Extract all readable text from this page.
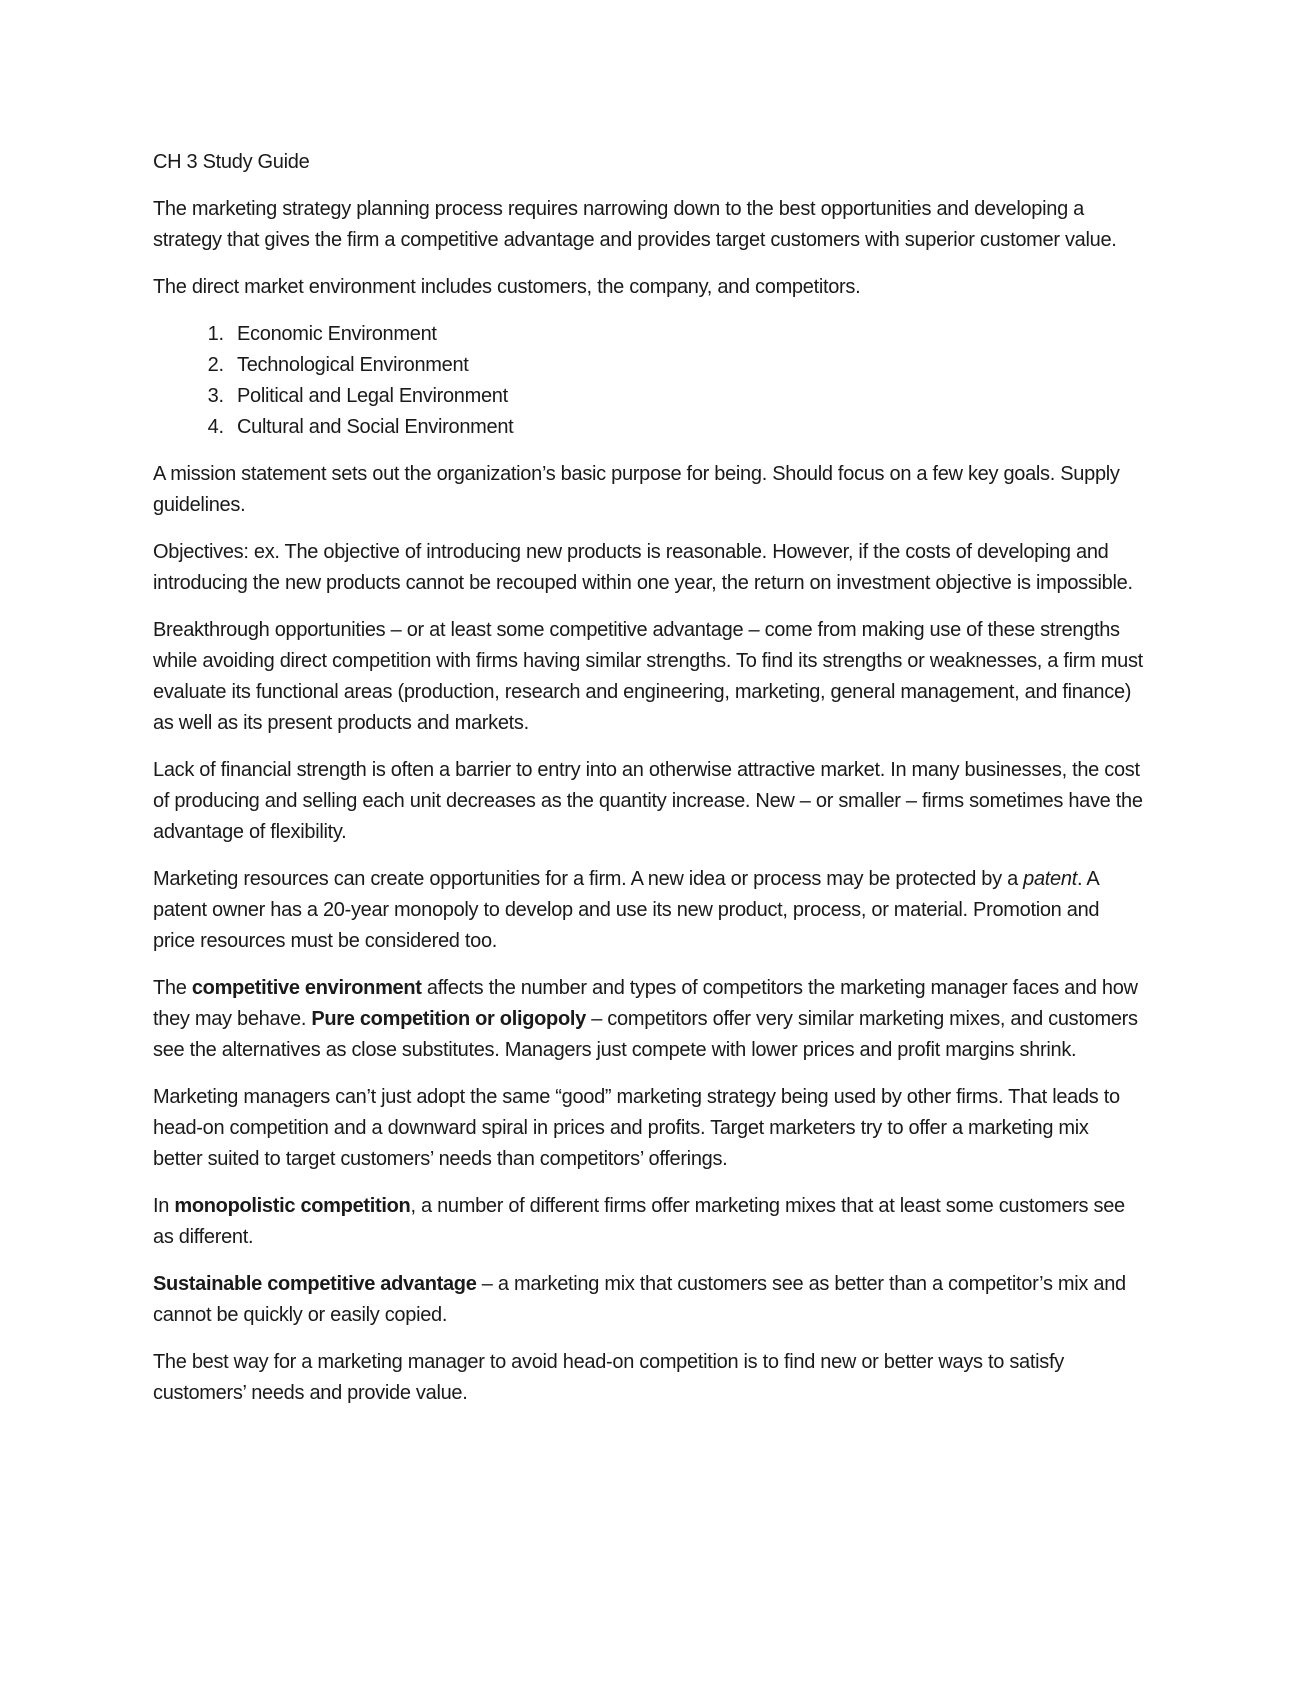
CH 3 Study Guide

The marketing strategy planning process requires narrowing down to the best opportunities and developing a strategy that gives the firm a competitive advantage and provides target customers with superior customer value.

The direct market environment includes customers, the company, and competitors.

1. Economic Environment
2. Technological Environment
3. Political and Legal Environment
4. Cultural and Social Environment

A mission statement sets out the organization’s basic purpose for being. Should focus on a few key goals. Supply guidelines.

Objectives: ex. The objective of introducing new products is reasonable. However, if the costs of developing and introducing the new products cannot be recouped within one year, the return on investment objective is impossible.

Breakthrough opportunities – or at least some competitive advantage – come from making use of these strengths while avoiding direct competition with firms having similar strengths. To find its strengths or weaknesses, a firm must evaluate its functional areas (production, research and engineering, marketing, general management, and finance) as well as its present products and markets.

Lack of financial strength is often a barrier to entry into an otherwise attractive market. In many businesses, the cost of producing and selling each unit decreases as the quantity increase. New – or smaller – firms sometimes have the advantage of flexibility.

Marketing resources can create opportunities for a firm. A new idea or process may be protected by a patent. A patent owner has a 20-year monopoly to develop and use its new product, process, or material. Promotion and price resources must be considered too.

The competitive environment affects the number and types of competitors the marketing manager faces and how they may behave. Pure competition or oligopoly – competitors offer very similar marketing mixes, and customers see the alternatives as close substitutes. Managers just compete with lower prices and profit margins shrink.

Marketing managers can’t just adopt the same “good” marketing strategy being used by other firms. That leads to head-on competition and a downward spiral in prices and profits. Target marketers try to offer a marketing mix better suited to target customers’ needs than competitors’ offerings.

In monopolistic competition, a number of different firms offer marketing mixes that at least some customers see as different.

Sustainable competitive advantage – a marketing mix that customers see as better than a competitor’s mix and cannot be quickly or easily copied.

The best way for a marketing manager to avoid head-on competition is to find new or better ways to satisfy customers’ needs and provide value.
